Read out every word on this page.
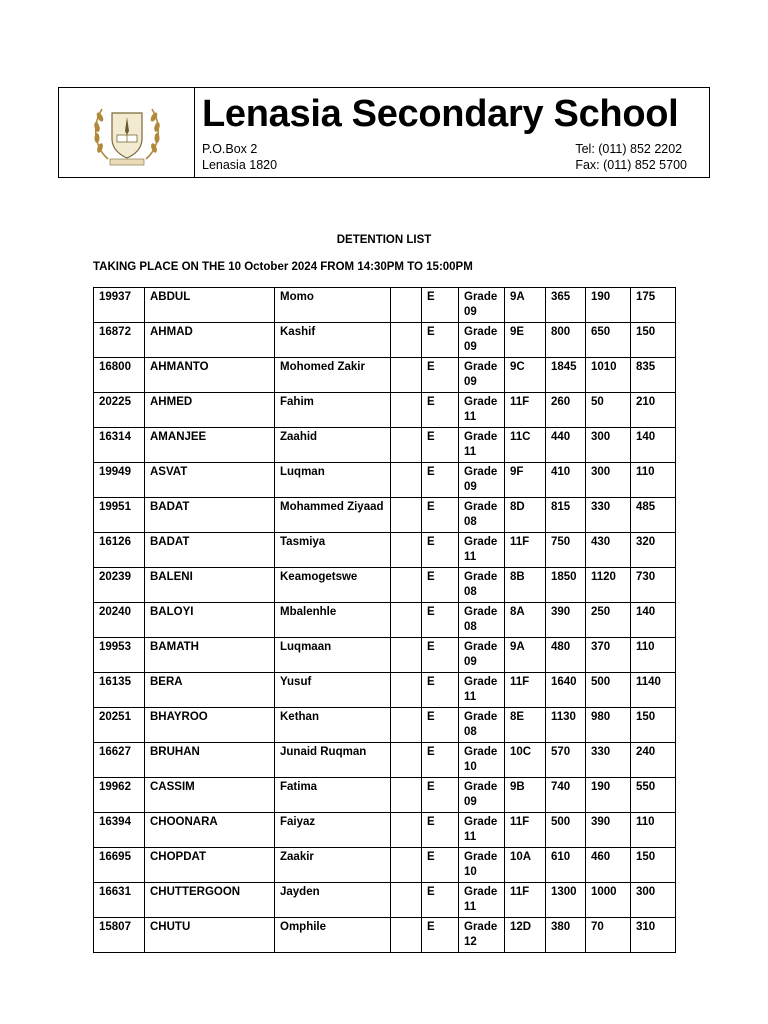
Lenasia Secondary School
P.O.Box 2
Lenasia 1820
Tel: (011) 852 2202
Fax: (011) 852 5700
DETENTION LIST
TAKING PLACE ON THE 10 October 2024 FROM 14:30PM TO 15:00PM
19937	ABDUL	Momo		E	Grade 09	9A	365	190	175
16872	AHMAD	Kashif		E	Grade 09	9E	800	650	150
16800	AHMANTO	Mohomed Zakir		E	Grade 09	9C	1845	1010	835
20225	AHMED	Fahim		E	Grade 11	11F	260	50	210
16314	AMANJEE	Zaahid		E	Grade 11	11C	440	300	140
19949	ASVAT	Luqman		E	Grade 09	9F	410	300	110
19951	BADAT	Mohammed Ziyaad		E	Grade 08	8D	815	330	485
16126	BADAT	Tasmiya		E	Grade 11	11F	750	430	320
20239	BALENI	Keamogetswe		E	Grade 08	8B	1850	1120	730
20240	BALOYI	Mbalenhle		E	Grade 08	8A	390	250	140
19953	BAMATH	Luqmaan		E	Grade 09	9A	480	370	110
16135	BERA	Yusuf		E	Grade 11	11F	1640	500	1140
20251	BHAYROO	Kethan		E	Grade 08	8E	1130	980	150
16627	BRUHAN	Junaid Ruqman		E	Grade 10	10C	570	330	240
19962	CASSIM	Fatima		E	Grade 09	9B	740	190	550
16394	CHOONARA	Faiyaz		E	Grade 11	11F	500	390	110
16695	CHOPDAT	Zaakir		E	Grade 10	10A	610	460	150
16631	CHUTTERGOON	Jayden		E	Grade 11	11F	1300	1000	300
15807	CHUTU	Omphile		E	Grade 12	12D	380	70	310
